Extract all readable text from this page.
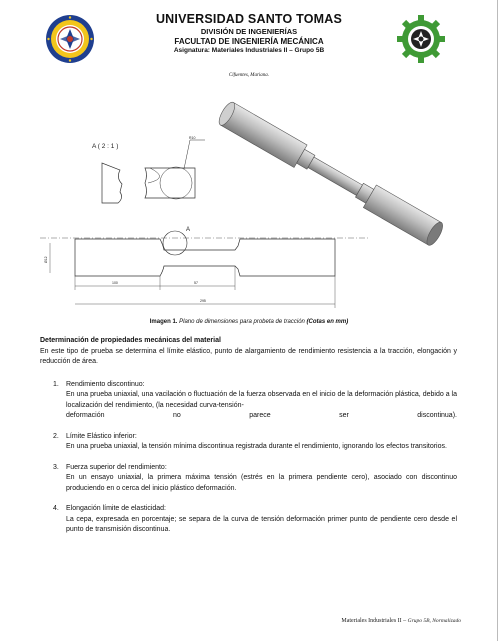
UNIVERSIDAD SANTO TOMAS
DIVISIÓN DE INGENIERÍAS
FACULTAD DE INGENIERÍA MECÁNICA
Asignatura: Materiales Industriales II – Grupo 5B
Cifuentes, Mariana.
A ( 2 : 1 )
R10
A
Ø12
100	57
295
Imagen 1. Plano de dimensiones para probeta de tracción (Cotas en mm)
Determinación de propiedades mecánicas del material
En este tipo de prueba se determina el límite elástico, punto de alargamiento de rendimiento resistencia a la tracción, elongación y reducción de área.
1. Rendimiento discontinuo:
En una prueba uniaxial, una vacilación o fluctuación de la fuerza observada en el inicio de la deformación plástica, debido a la localización del rendimiento, (la necesidad curva-tensión-
deformación	no	parece	ser	discontinua).
2. Límite Elástico inferior:
En una prueba uniaxial, la tensión mínima discontinua registrada durante el rendimiento, ignorando los efectos transitorios.
3. Fuerza superior del rendimiento:
En un ensayo uniaxial, la primera máxima tensión (estrés en la primera pendiente cero), asociado con discontinuo produciendo en o cerca del inicio plástico deformación.
4. Elongación límite de elasticidad:
La cepa, expresada en porcentaje; se separa de la curva de tensión deformación primer punto de pendiente cero desde el punto de transmisión discontinua.
Materiales Industriales II – Grupo 5B, Normalizado
